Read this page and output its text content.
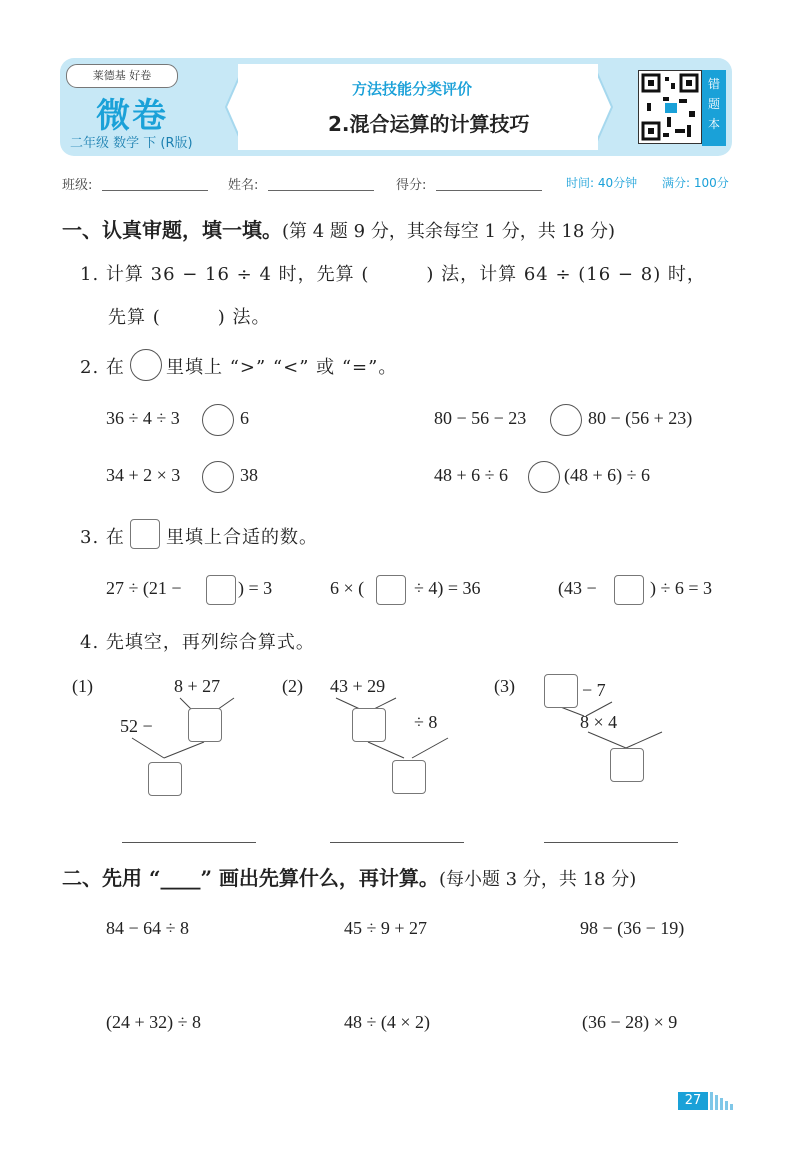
莱德基 好卷
微卷
二年级 数学 下 (R版)
方法技能分类评价
2.混合运算的计算技巧
错
题
本
班级:	姓名:	得分:	时间: 40分钟 满分: 100分
一、认真审题，填一填。(第 4 题 9 分，其余每空 1 分，共 18 分)
1. 计算 36 − 16 ÷ 4 时，先算 (　　　) 法，计算 64 ÷ (16 − 8) 时，
先算 (　　　) 法。
2. 在 里填上 “>” “<” 或 “=”。
36 ÷ 4 ÷ 3	6	80 − 56 − 23	80 − (56 + 23)
34 + 2 × 3	38	48 + 6 ÷ 6	(48 + 6) ÷ 6
3. 在 里填上合适的数。
27 ÷ (21 −	) = 3	6 × (	÷ 4) = 36	(43 −	) ÷ 6 = 3
4. 先填空，再列综合算式。
(1)	8 + 27
52 −
(2) 43 + 29
÷ 8
(3)	− 7
8 × 4
二、先用 “____” 画出先算什么，再计算。(每小题 3 分，共 18 分)
84 − 64 ÷ 8	45 ÷ 9 + 27	98 − (36 − 19)
(24 + 32) ÷ 8	48 ÷ (4 × 2)	(36 − 28) × 9
27
